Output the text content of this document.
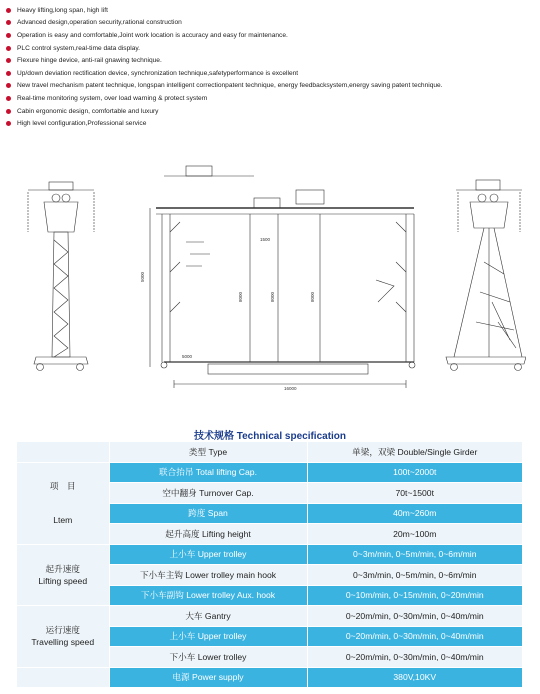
Heavy lifting,long span, high lift
Advanced design,operation security,rational construction
Operation is easy and comfortable,Joint work location is accuracy and easy for maintenance.
PLC control system,real-time data display.
Flexure hinge device, anti-rail gnawing technique.
Up/down deviation rectification device, synchronization technique,safetyperformance is excellent
New travel mechanism patent technique, longspan intelligent correctionpatent technique, energy feedbacksystem,energy saving patent technique.
Real-time monitoring system, over load warning & protect system
Cabin ergonomic design, comfortable and luxury
High level configuration,Professional service
16000
8000	8000	8000
5000
1500
5000
技术规格 Technical specification
	类型 Type	单梁，双梁 Double/Single Girder

项　目
Ltem	联合抬吊 Total lifting Cap.	100t~2000t
	空中翻身 Turnover Cap.	70t~1500t
	跨度 Span	40m~260m
	起升高度 Lifting height	20m~100m

起升速度
Lifting speed	上小车 Upper trolley	0~3m/min, 0~5m/min, 0~6m/min
	下小车主钩 Lower trolley main hook	0~3m/min, 0~5m/min, 0~6m/min
	下小车副钩 Lower trolley Aux. hook	0~10m/min, 0~15m/min, 0~20m/min

运行速度
Travelling speed	大车 Gantry	0~20m/min, 0~30m/min, 0~40m/min
	上小车 Upper trolley	0~20m/min, 0~30m/min, 0~40m/min
	下小车 Lower trolley	0~20m/min, 0~30m/min, 0~40m/min
	电源 Power supply	380V,10KV
